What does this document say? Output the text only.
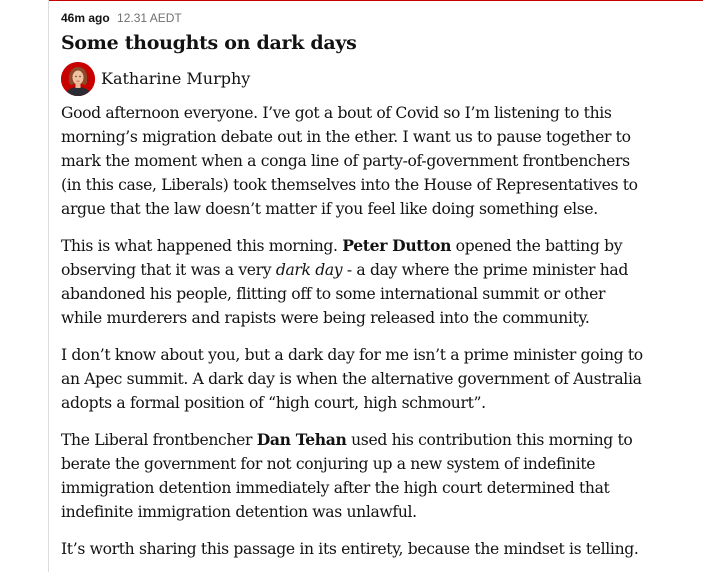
46m ago 12.31 AEDT
Some thoughts on dark days
Katharine Murphy

Good afternoon everyone. I’ve got a bout of Covid so I’m listening to this
morning’s migration debate out in the ether. I want us to pause together to
mark the moment when a conga line of party-of-government frontbenchers
(in this case, Liberals) took themselves into the House of Representatives to
argue that the law doesn’t matter if you feel like doing something else.

This is what happened this morning. Peter Dutton opened the batting by
observing that it was a very dark day - a day where the prime minister had
abandoned his people, flitting off to some international summit or other
while murderers and rapists were being released into the community.

I don’t know about you, but a dark day for me isn’t a prime minister going to
an Apec summit. A dark day is when the alternative government of Australia
adopts a formal position of “high court, high schmourt”.

The Liberal frontbencher Dan Tehan used his contribution this morning to
berate the government for not conjuring up a new system of indefinite
immigration detention immediately after the high court determined that
indefinite immigration detention was unlawful.

It’s worth sharing this passage in its entirety, because the mindset is telling.
